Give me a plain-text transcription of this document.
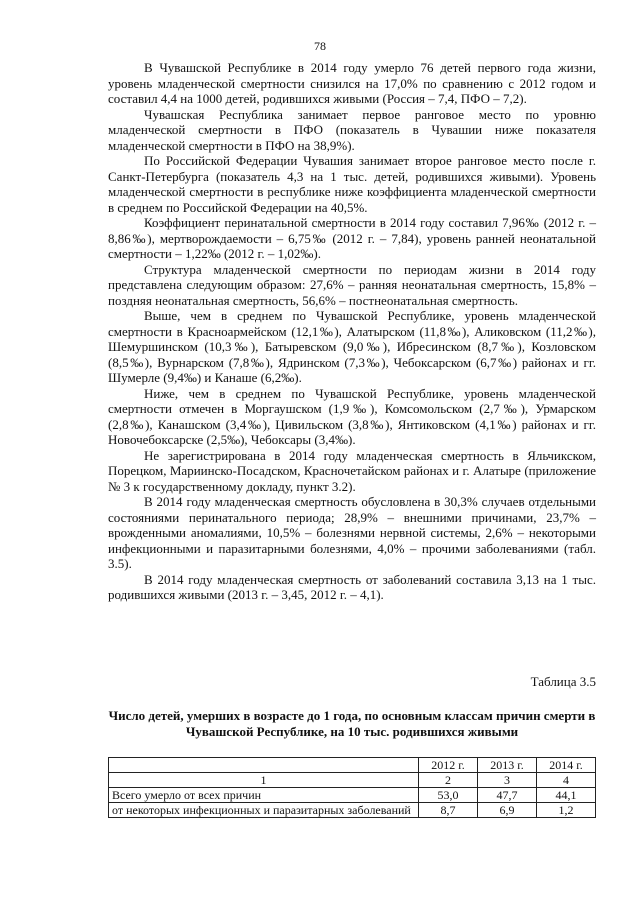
78

В Чувашской Республике в 2014 году умерло 76 детей первого года жизни, уровень младенческой смертности снизился на 17,0% по сравнению с 2012 годом и составил 4,4 на 1000 детей, родившихся живыми (Россия – 7,4, ПФО – 7,2).

Чувашская Республика занимает первое ранговое место по уровню младенческой смертности в ПФО (показатель в Чувашии ниже показателя младенческой смертности в ПФО на 38,9%).

По Российской Федерации Чувашия занимает второе ранговое место после г. Санкт-Петербурга (показатель 4,3 на 1 тыс. детей, родившихся живыми). Уровень младенческой смертности в республике ниже коэффициента младенческой смертности в среднем по Российской Федерации на 40,5%.

Коэффициент перинатальной смертности в 2014 году составил 7,96‰ (2012 г. – 8,86‰), мертворождаемости – 6,75‰ (2012 г. – 7,84), уровень ранней неонатальной смертности – 1,22‰ (2012 г. – 1,02‰).

Структура младенческой смертности по периодам жизни в 2014 году представлена следующим образом: 27,6% – ранняя неонатальная смертность, 15,8% – поздняя неонатальная смертность, 56,6% – постнеонатальная смертность.

Выше, чем в среднем по Чувашской Республике, уровень младенческой смертности в Красноармейском (12,1‰), Алатырском (11,8‰), Аликовском (11,2‰), Шемуршинском (10,3‰), Батыревском (9,0‰), Ибресинском (8,7‰), Козловском (8,5‰), Вурнарском (7,8‰), Ядринском (7,3‰), Чебоксарском (6,7‰) районах и гг. Шумерле (9,4‰) и Канаше (6,2‰).

Ниже, чем в среднем по Чувашской Республике, уровень младенческой смертности отмечен в Моргаушском (1,9‰), Комсомольском (2,7‰), Урмарском (2,8‰), Канашском (3,4‰), Цивильском (3,8‰), Янтиковском (4,1‰) районах и гг. Новочебоксарске (2,5‰), Чебоксары (3,4‰).

Не зарегистрирована в 2014 году младенческая смертность в Яльчикском, Порецком, Мариинско-Посадском, Красночетайском районах и г. Алатыре (приложение № 3 к государственному докладу, пункт 3.2).

В 2014 году младенческая смертность обусловлена в 30,3% случаев отдельными состояниями перинатального периода; 28,9% – внешними причинами, 23,7% – врожденными аномалиями, 10,5% – болезнями нервной системы, 2,6% – некоторыми инфекционными и паразитарными болезнями, 4,0% – прочими заболеваниями (табл. 3.5).

В 2014 году младенческая смертность от заболеваний составила 3,13 на 1 тыс. родившихся живыми (2013 г. – 3,45, 2012 г. – 4,1).

Таблица 3.5
Число детей, умерших в возрасте до 1 года, по основным классам причин смерти в Чувашской Республике, на 10 тыс. родившихся живыми
	2012 г.	2013 г.	2014 г.
1	2	3	4
Всего умерло от всех причин	53,0	47,7	44,1
от некоторых инфекционных и паразитарных заболеваний	8,7	6,9	1,2
